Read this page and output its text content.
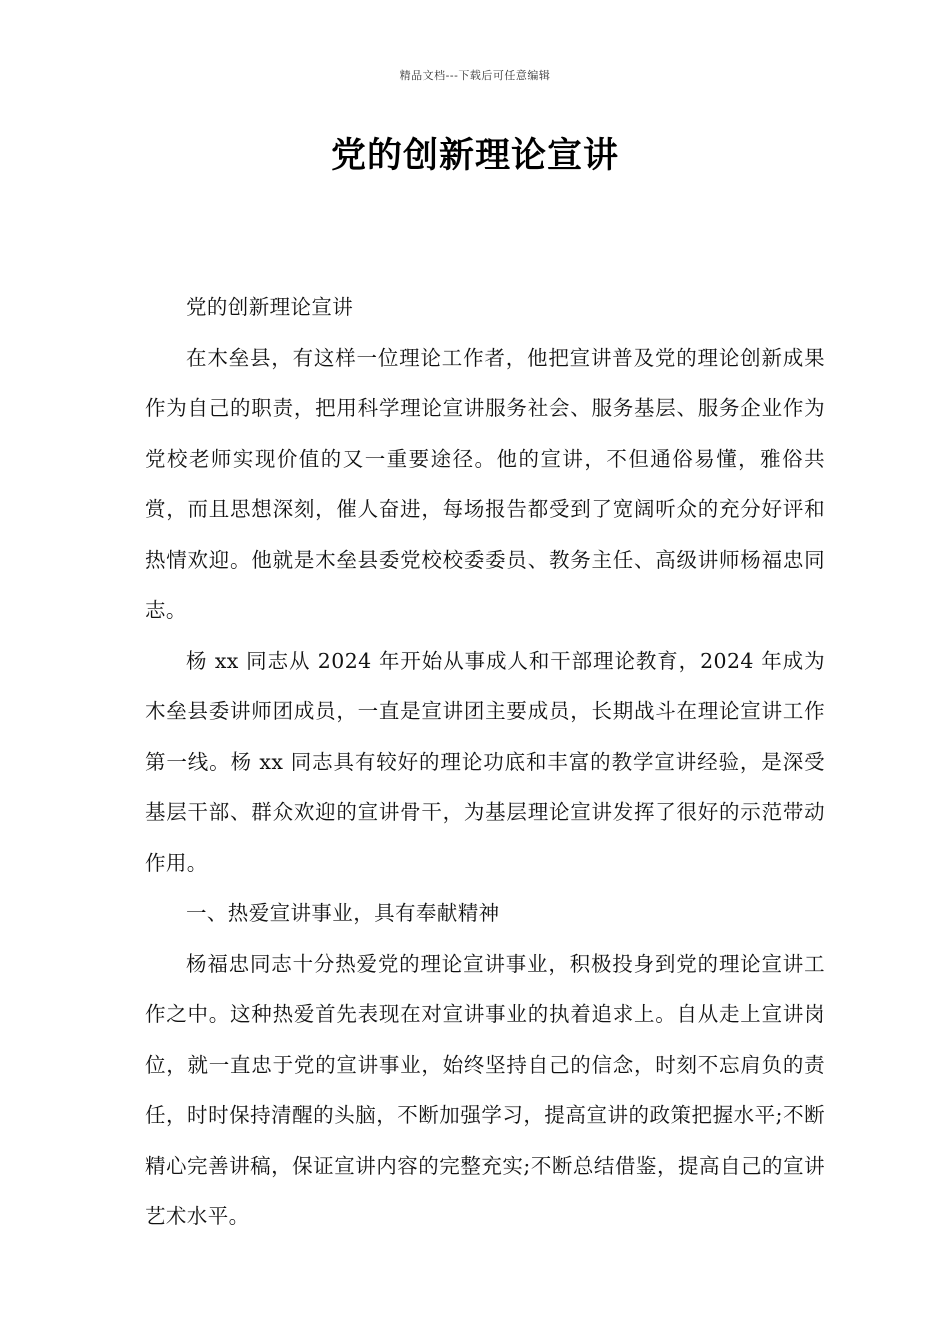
精品文档---下载后可任意编辑
党的创新理论宣讲

党的创新理论宣讲

在木垒县，有这样一位理论工作者，他把宣讲普及党的理论创新成果作为自己的职责，把用科学理论宣讲服务社会、服务基层、服务企业作为党校老师实现价值的又一重要途径。他的宣讲，不但通俗易懂，雅俗共赏，而且思想深刻，催人奋进，每场报告都受到了宽阔听众的充分好评和热情欢迎。他就是木垒县委党校校委委员、教务主任、高级讲师杨福忠同志。

杨 xx 同志从 2024 年开始从事成人和干部理论教育，2024 年成为木垒县委讲师团成员，一直是宣讲团主要成员，长期战斗在理论宣讲工作第一线。杨 xx 同志具有较好的理论功底和丰富的教学宣讲经验，是深受基层干部、群众欢迎的宣讲骨干，为基层理论宣讲发挥了很好的示范带动作用。

一、热爱宣讲事业，具有奉献精神

杨福忠同志十分热爱党的理论宣讲事业，积极投身到党的理论宣讲工作之中。这种热爱首先表现在对宣讲事业的执着追求上。自从走上宣讲岗位，就一直忠于党的宣讲事业，始终坚持自己的信念，时刻不忘肩负的责任，时时保持清醒的头脑，不断加强学习，提高宣讲的政策把握水平;不断精心完善讲稿，保证宣讲内容的完整充实;不断总结借鉴，提高自己的宣讲艺术水平。
